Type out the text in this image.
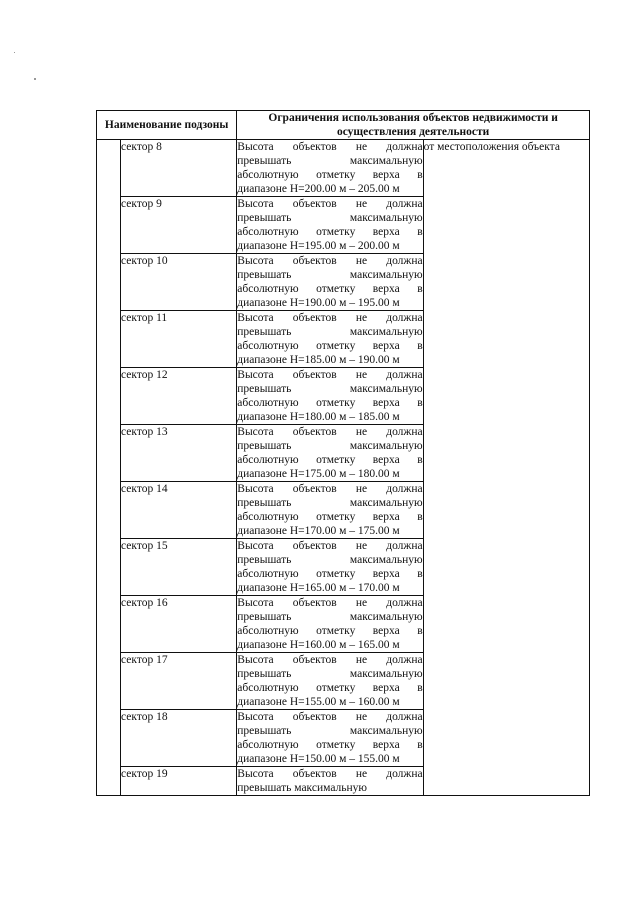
Наименование подзоны		Ограничения использования объектов недвижимости и осуществления деятельности	
	сектор 8	Высота объектов не должна
превышать максимальную
абсолютную отметку верха в
диапазоне Н=200.00 м – 205.00 м	от местоположения объекта
	сектор 9	Высота объектов не должна
превышать максимальную
абсолютную отметку верха в
диапазоне Н=195.00 м – 200.00 м	

	сектор 10	Высота объектов не должна
превышать максимальную
абсолютную отметку верха в
диапазоне Н=190.00 м – 195.00 м	

	сектор 11	Высота объектов не должна
превышать максимальную
абсолютную отметку верха в
диапазоне Н=185.00 м – 190.00 м	

	сектор 12	Высота объектов не должна
превышать максимальную
абсолютную отметку верха в
диапазоне Н=180.00 м – 185.00 м	

	сектор 13	Высота объектов не должна
превышать максимальную
абсолютную отметку верха в
диапазоне Н=175.00 м – 180.00 м	

	сектор 14	Высота объектов не должна
превышать максимальную
абсолютную отметку верха в
диапазоне Н=170.00 м – 175.00 м	

	сектор 15	Высота объектов не должна
превышать максимальную
абсолютную отметку верха в
диапазоне Н=165.00 м – 170.00 м	

	сектор 16	Высота объектов не должна
превышать максимальную
абсолютную отметку верха в
диапазоне Н=160.00 м – 165.00 м	

	сектор 17	Высота объектов не должна
превышать максимальную
абсолютную отметку верха в
диапазоне Н=155.00 м – 160.00 м	

	сектор 18	Высота объектов не должна
превышать максимальную
абсолютную отметку верха в
диапазоне Н=150.00 м – 155.00 м	

	сектор 19	Высота объектов не должна
превышать максимальную	
